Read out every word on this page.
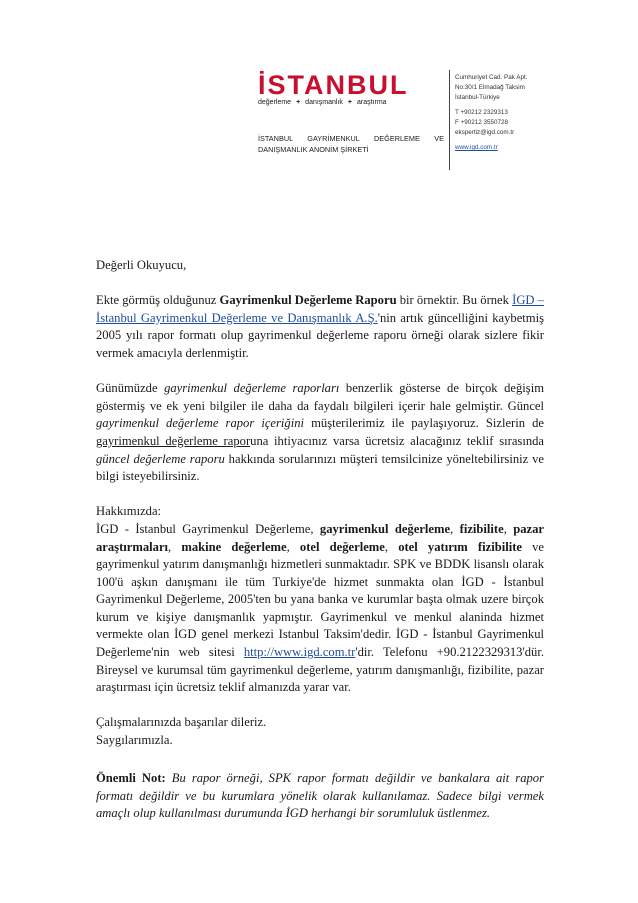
İSTANBUL
değerleme + danışmanlık + araştırma
İSTANBUL GAYRİMENKUL DEĞERLEME VE
DANIŞMANLIK ANONİM ŞİRKETİ
Cumhuriyet Cad. Pak Apt.
No:30/1 Elmadağ Taksim
İstanbul-Türkiye
T +90212 2329313
F +90212 3550728
ekspertiz@igd.com.tr
www.igd.com.tr

Değerli Okuyucu,

Ekte görmüş olduğunuz Gayrimenkul Değerleme Raporu bir örnektir. Bu örnek İGD – İstanbul Gayrimenkul Değerleme ve Danışmanlık A.Ş.'nin artık güncelliğini kaybetmiş 2005 yılı rapor formatı olup gayrimenkul değerleme raporu örneği olarak sizlere fikir vermek amacıyla derlenmiştir.

Günümüzde gayrimenkul değerleme raporları benzerlik gösterse de birçok değişim göstermiş ve ek yeni bilgiler ile daha da faydalı bilgileri içerir hale gelmiştir. Güncel gayrimenkul değerleme rapor içeriğini müşterilerimiz ile paylaşıyoruz. Sizlerin de gayrimenkul değerleme raporuna ihtiyacınız varsa ücretsiz alacağınız teklif sırasında güncel değerleme raporu hakkında sorularınızı müşteri temsilcinize yöneltebilirsiniz ve bilgi isteyebilirsiniz.

Hakkımızda:

İGD - İstanbul Gayrimenkul Değerleme, gayrimenkul değerleme, fizibilite, pazar araştırmaları, makine değerleme, otel değerleme, otel yatırım fizibilite ve gayrimenkul yatırım danışmanlığı hizmetleri sunmaktadır. SPK ve BDDK lisanslı olarak 100'ü aşkın danışmanı ile tüm Turkiye'de hizmet sunmakta olan İGD - İstanbul Gayrimenkul Değerleme, 2005'ten bu yana banka ve kurumlar başta olmak uzere birçok kurum ve kişiye danışmanlık yapmıştır. Gayrimenkul ve menkul alaninda hizmet vermekte olan İGD genel merkezi Istanbul Taksim'dedir. İGD - İstanbul Gayrimenkul Değerleme'nin web sitesi http://www.igd.com.tr'dir. Telefonu +90.2122329313'dür. Bireysel ve kurumsal tüm gayrimenkul değerleme, yatırım danışmanlığı, fizibilite, pazar araştırması için ücretsiz teklif almanızda yarar var.

Çalışmalarınızda başarılar dileriz.

Saygılarımızla.

Önemli Not: Bu rapor örneği, SPK rapor formatı değildir ve bankalara ait rapor formatı değildir ve bu kurumlara yönelik olarak kullanılamaz. Sadece bilgi vermek amaçlı olup kullanılması durumunda İGD herhangi bir sorumluluk üstlenmez.
